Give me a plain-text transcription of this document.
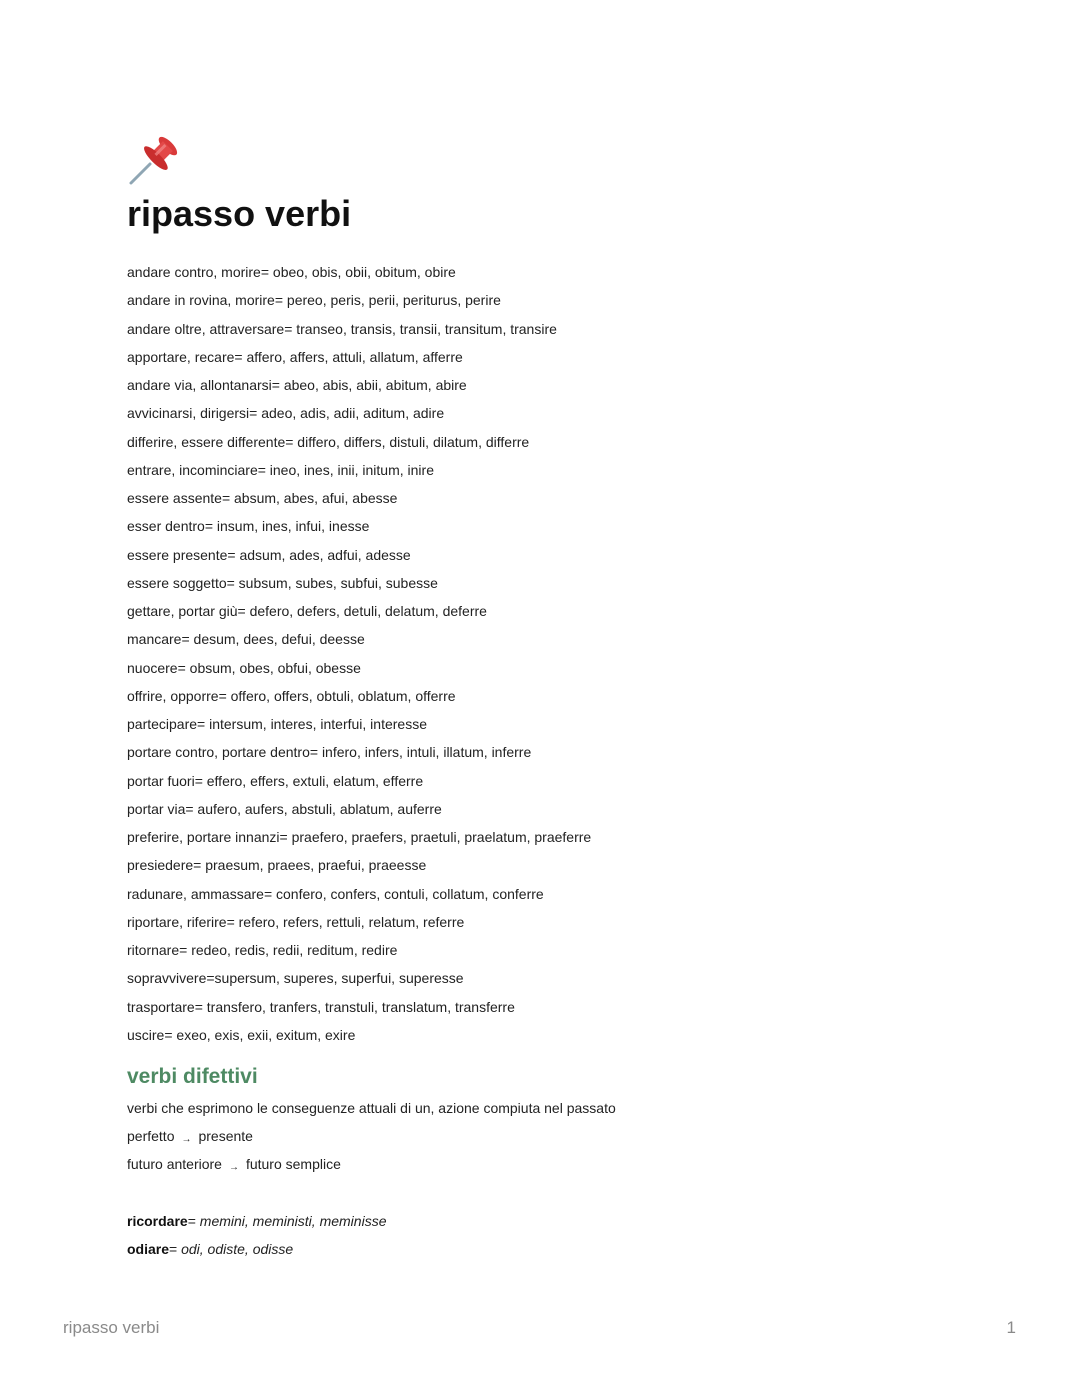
ripasso verbi
andare contro, morire= obeo, obis, obii, obitum, obire
andare in rovina, morire= pereo, peris, perii, periturus, perire
andare oltre, attraversare= transeo, transis, transii, transitum, transire
apportare, recare= affero, affers, attuli, allatum, afferre
andare via, allontanarsi= abeo, abis, abii, abitum, abire
avvicinarsi, dirigersi= adeo, adis, adii, aditum, adire
differire, essere differente= differo, differs, distuli, dilatum, differre
entrare, incominciare= ineo, ines, inii, initum, inire
essere assente= absum, abes, afui, abesse
esser dentro= insum, ines, infui, inesse
essere presente= adsum, ades, adfui, adesse
essere soggetto= subsum, subes, subfui, subesse
gettare, portar giù= defero, defers, detuli, delatum, deferre
mancare= desum, dees, defui, deesse
nuocere= obsum, obes, obfui, obesse
offrire, opporre= offero, offers, obtuli, oblatum, offerre
partecipare= intersum, interes, interfui, interesse
portare contro, portare dentro= infero, infers, intuli, illatum, inferre
portar fuori= effero, effers, extuli, elatum, efferre
portar via= aufero, aufers, abstuli, ablatum, auferre
preferire, portare innanzi= praefero, praefers, praetuli, praelatum, praeferre
presiedere= praesum, praees, praefui, praeesse
radunare, ammassare= confero, confers, contuli, collatum, conferre
riportare, riferire= refero, refers, rettuli, relatum, referre
ritornare= redeo, redis, redii, reditum, redire
sopravvivere=supersum, superes, superfui, superesse
trasportare= transfero, tranfers, transtuli, translatum, transferre
uscire= exeo, exis, exii, exitum, exire
verbi difettivi
verbi che esprimono le conseguenze attuali di un, azione compiuta nel passato
perfetto → presente
futuro anteriore → futuro semplice
ricordare= memini, meministi, meminisse
odiare= odi, odiste, odisse
ripasso verbi	1
